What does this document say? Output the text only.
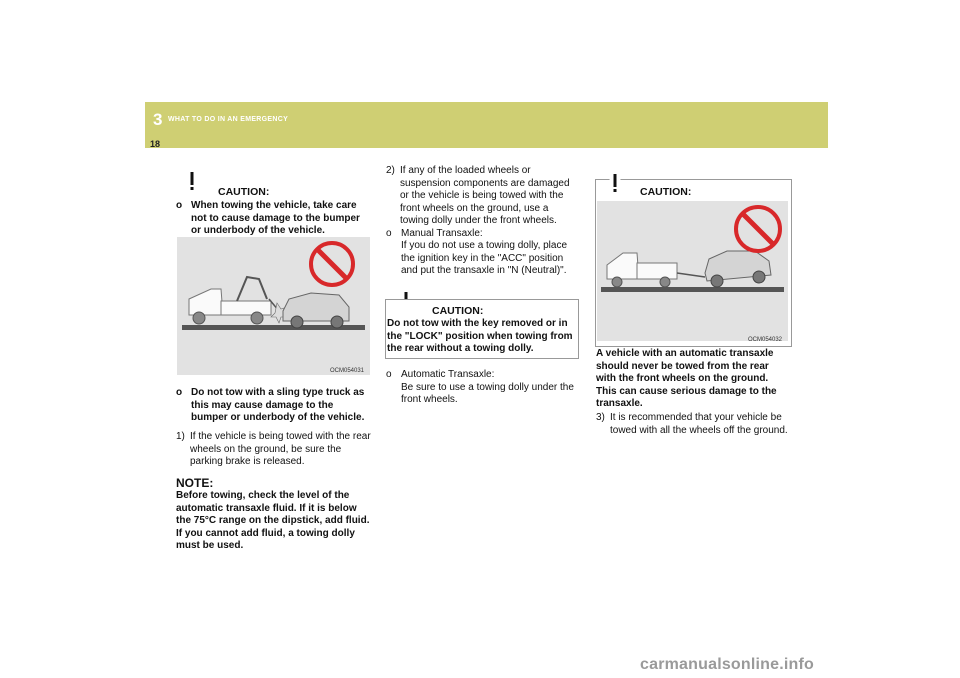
3 WHAT TO DO IN AN EMERGENCY
18
CAUTION:
o When towing the vehicle, take care not to cause damage to the bumper or underbody of the vehicle.
OCM054031
o Do not tow with a sling type truck as this may cause damage to the bumper or underbody of the vehicle.
1) If the vehicle is being towed with the rear wheels on the ground, be sure the parking brake is released.
NOTE:
Before towing, check the level of the automatic transaxle fluid. If it is below the 75°C range on the dipstick, add fluid. If you cannot add fluid, a towing dolly must be used.
2) If any of the loaded wheels or suspension components are damaged or the vehicle is being towed with the front wheels on the ground, use a towing dolly under the front wheels.
o Manual Transaxle:
If you do not use a towing dolly, place the ignition key in the "ACC" position and put the transaxle in "N (Neutral)".
CAUTION:
Do not tow with the key removed or in the "LOCK" position when towing from the rear without a towing dolly.
o Automatic Transaxle:
Be sure to use a towing dolly under the front wheels.
CAUTION:
OCM054032
A vehicle with an automatic transaxle should never be towed from the rear with the front wheels on the ground. This can cause serious damage to the transaxle.
3) It is recommended that your vehicle be towed with all the wheels off the ground.
carmanualsonline.info
